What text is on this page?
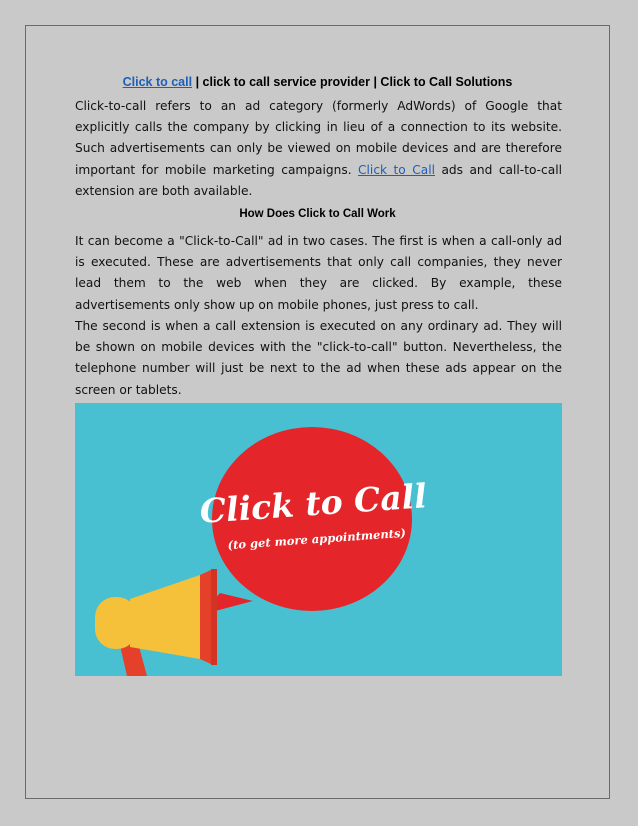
Click to call | click to call service provider | Click to Call Solutions

Click-to-call refers to an ad category (formerly AdWords) of Google that explicitly calls the company by clicking in lieu of a connection to its website. Such advertisements can only be viewed on mobile devices and are therefore important for mobile marketing campaigns. Click to Call ads and call-to-call extension are both available.

How Does Click to Call Work

It can become a "Click-to-Call" ad in two cases. The first is when a call-only ad is executed. These are advertisements that only call companies, they never lead them to the web when they are clicked. By example, these advertisements only show up on mobile phones, just press to call.

The second is when a call extension is executed on any ordinary ad. They will be shown on mobile devices with the "click-to-call" button. Nevertheless, the telephone number will just be next to the ad when these ads appear on the screen or tablets.

Click to Call
(to get more appointments)
